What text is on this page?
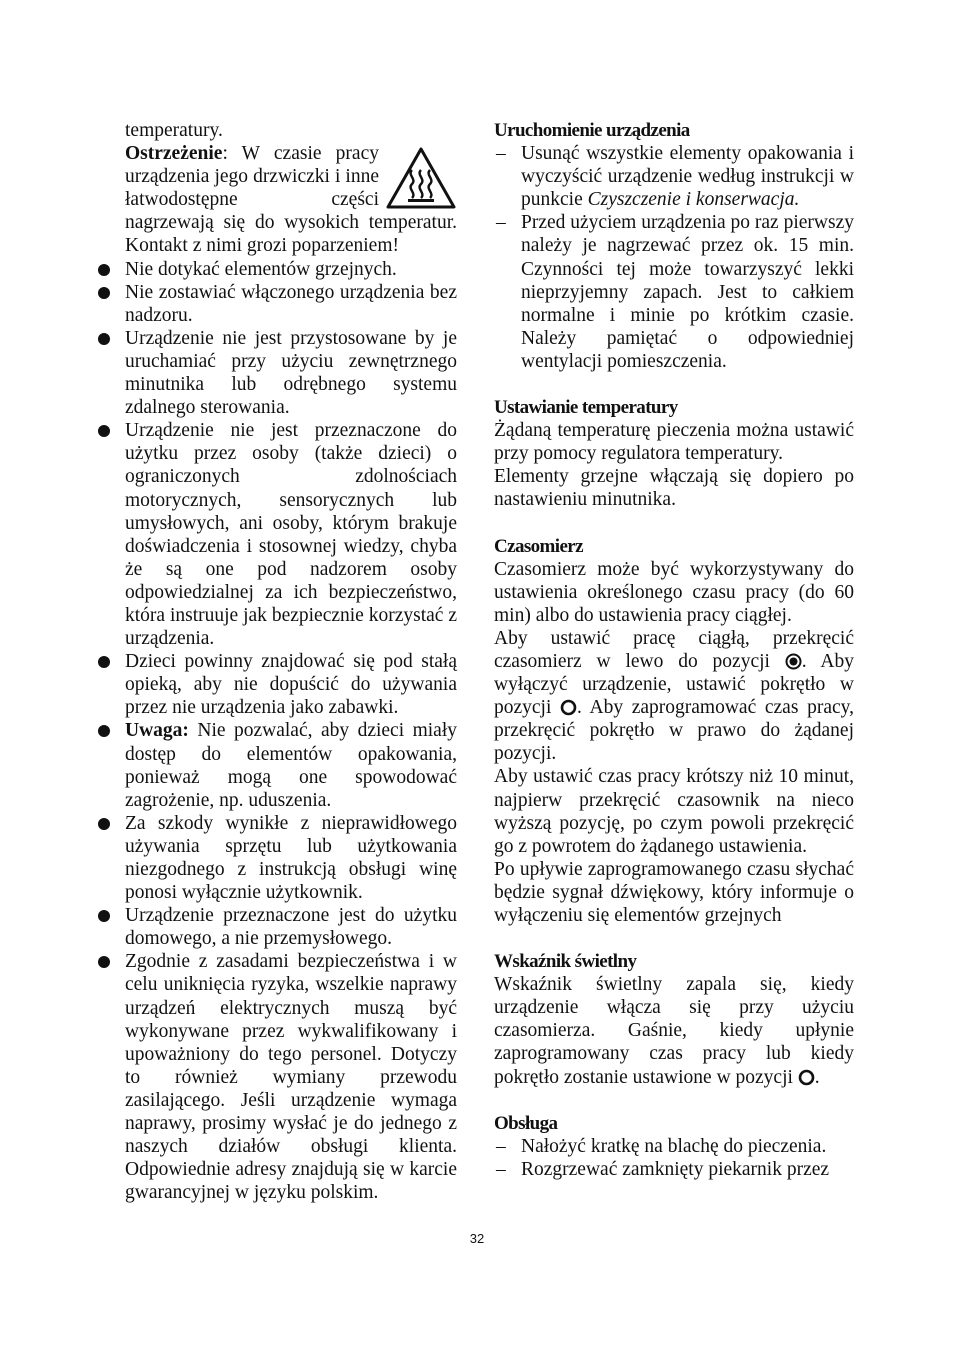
temperatury.

Ostrzeżenie: W czasie pracy urządzenia jego drzwiczki i inne łatwodostępne części nagrzewają się do wysokich temperatur. Kontakt z nimi grozi poparzeniem!

Nie dotykać elementów grzejnych.
Nie zostawiać włączonego urządzenia bez nadzoru.
Urządzenie nie jest przystosowane by je uruchamiać przy użyciu zewnętrznego minutnika lub odrębnego systemu zdalnego sterowania.
Urządzenie nie jest przeznaczone do użytku przez osoby (także dzieci) o ograniczonych zdolnościach motorycznych, sensorycznych lub umysłowych, ani osoby, którym brakuje doświadczenia i stosownej wiedzy, chyba że są one pod nadzorem osoby odpowiedzialnej za ich bezpieczeństwo, która instruuje jak bezpiecznie korzystać z urządzenia.
Dzieci powinny znajdować się pod stałą opieką, aby nie dopuścić do używania przez nie urządzenia jako zabawki.
Uwaga: Nie pozwalać, aby dzieci miały dostęp do elementów opakowania, ponieważ mogą one spowodować zagrożenie, np. uduszenia.
Za szkody wynikłe z nieprawidłowego używania sprzętu lub użytkowania niezgodnego z instrukcją obsługi winę ponosi wyłącznie użytkownik.
Urządzenie przeznaczone jest do użytku domowego, a nie przemysłowego.
Zgodnie z zasadami bezpieczeństwa i w celu uniknięcia ryzyka, wszelkie naprawy urządzeń elektrycznych muszą być wykonywane przez wykwalifikowany i upoważniony do tego personel. Dotyczy to również wymiany przewodu zasilającego. Jeśli urządzenie wymaga naprawy, prosimy wysłać je do jednego z naszych działów obsługi klienta. Odpowiednie adresy znajdują się w karcie gwarancyjnej w języku polskim.
Uruchomienie urządzenia
– Usunąć wszystkie elementy opakowania i wyczyścić urządzenie według instrukcji w punkcie Czyszczenie i konserwacja.
– Przed użyciem urządzenia po raz pierwszy należy je nagrzewać przez ok. 15 min. Czynności tej może towarzyszyć lekki nieprzyjemny zapach. Jest to całkiem normalne i minie po krótkim czasie. Należy pamiętać o odpowiedniej wentylacji pomieszczenia.
Ustawianie temperatury

Żądaną temperaturę pieczenia można ustawić przy pomocy regulatora temperatury.

Elementy grzejne włączają się dopiero po nastawieniu minutnika.

Czasomierz

Czasomierz może być wykorzystywany do ustawienia określonego czasu pracy (do 60 min) albo do ustawienia pracy ciągłej.

Aby ustawić pracę ciągłą, przekręcić czasomierz w lewo do pozycji . Aby wyłączyć urządzenie, ustawić pokrętło w pozycji . Aby zaprogramować czas pracy, przekręcić pokrętło w prawo do żądanej pozycji.

Aby ustawić czas pracy krótszy niż 10 minut, najpierw przekręcić czasownik na nieco wyższą pozycję, po czym powoli przekręcić go z powrotem do żądanego ustawienia.

Po upływie zaprogramowanego czasu słychać będzie sygnał dźwiękowy, który informuje o wyłączeniu się elementów grzejnych

Wskaźnik świetlny

Wskaźnik świetlny zapala się, kiedy urządzenie włącza się przy użyciu czasomierza. Gaśnie, kiedy upłynie zaprogramowany czas pracy lub kiedy pokrętło zostanie ustawione w pozycji .

Obsługa
– Nałożyć kratkę na blachę do pieczenia.
– Rozgrzewać zamknięty piekarnik przez
32
